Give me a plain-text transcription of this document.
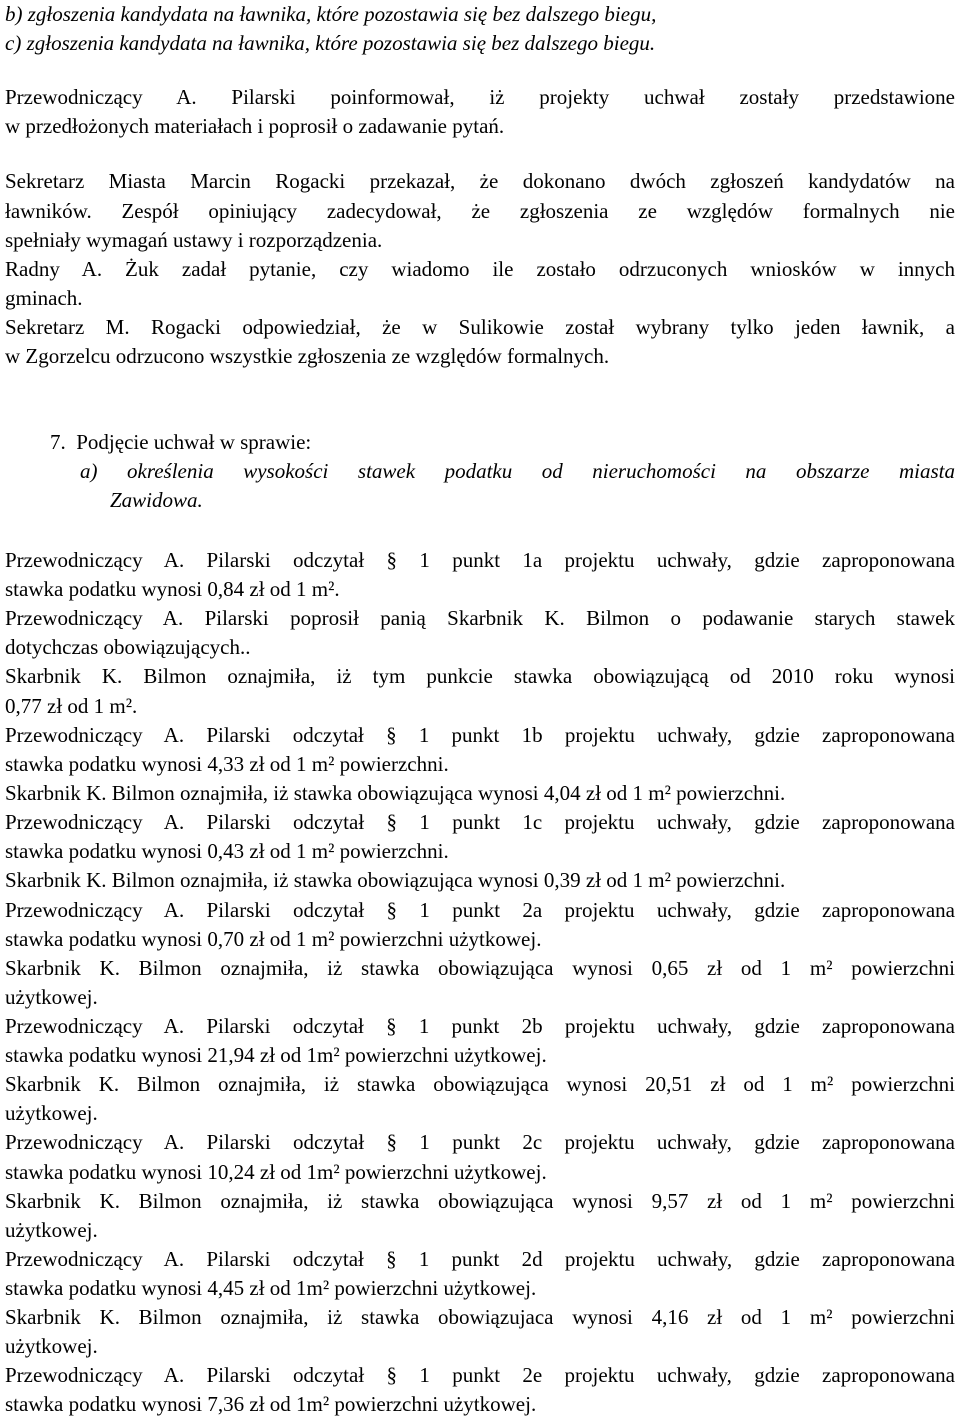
b) zgłoszenia kandydata na ławnika, które pozostawia się bez dalszego biegu,
c) zgłoszenia kandydata na ławnika, które pozostawia się bez dalszego biegu.
Przewodniczący A. Pilarski poinformował, iż projekty uchwał zostały przedstawione
w przedłożonych materiałach i poprosił o zadawanie pytań.
Sekretarz Miasta Marcin Rogacki przekazał, że dokonano dwóch zgłoszeń kandydatów na
ławników. Zespół opiniujący zadecydował, że zgłoszenia ze względów formalnych nie
spełniały wymagań ustawy i rozporządzenia.
Radny A. Żuk zadał pytanie, czy wiadomo ile zostało odrzuconych wniosków w innych
gminach.
Sekretarz M. Rogacki odpowiedział, że w Sulikowie został wybrany tylko jeden ławnik, a
w Zgorzelcu odrzucono wszystkie zgłoszenia ze względów formalnych.
7.  Podjęcie uchwał w sprawie:
a) określenia wysokości stawek podatku od nieruchomości na obszarze miasta
Zawidowa.
Przewodniczący A. Pilarski odczytał § 1 punkt 1a projektu uchwały, gdzie zaproponowana
stawka podatku wynosi 0,84 zł od 1 m².
Przewodniczący A. Pilarski poprosił panią Skarbnik K. Bilmon o podawanie starych stawek
dotychczas obowiązujących..
Skarbnik K. Bilmon oznajmiła, iż tym punkcie stawka obowiązującą od 2010 roku wynosi
0,77 zł od 1 m².
Przewodniczący A. Pilarski odczytał § 1 punkt 1b projektu uchwały, gdzie zaproponowana
stawka podatku wynosi 4,33 zł od 1 m² powierzchni.
Skarbnik K. Bilmon oznajmiła, iż stawka obowiązująca wynosi 4,04 zł od 1 m² powierzchni.
Przewodniczący A. Pilarski odczytał § 1 punkt 1c projektu uchwały, gdzie zaproponowana
stawka podatku wynosi 0,43 zł od 1 m² powierzchni.
Skarbnik K. Bilmon oznajmiła, iż stawka obowiązująca wynosi 0,39 zł od 1 m² powierzchni.
Przewodniczący A. Pilarski odczytał § 1 punkt 2a projektu uchwały, gdzie zaproponowana
stawka podatku wynosi 0,70 zł od 1 m² powierzchni użytkowej.
Skarbnik K. Bilmon oznajmiła, iż stawka obowiązująca wynosi 0,65 zł od 1 m² powierzchni
użytkowej.
Przewodniczący A. Pilarski odczytał § 1 punkt 2b projektu uchwały, gdzie zaproponowana
stawka podatku wynosi 21,94 zł od 1m² powierzchni użytkowej.
Skarbnik K. Bilmon oznajmiła, iż stawka obowiązująca wynosi 20,51 zł od 1 m² powierzchni
użytkowej.
Przewodniczący A. Pilarski odczytał § 1 punkt 2c projektu uchwały, gdzie zaproponowana
stawka podatku wynosi 10,24 zł od 1m² powierzchni użytkowej.
Skarbnik K. Bilmon oznajmiła, iż stawka obowiązująca wynosi 9,57 zł od 1 m² powierzchni
użytkowej.
Przewodniczący A. Pilarski odczytał § 1 punkt 2d projektu uchwały, gdzie zaproponowana
stawka podatku wynosi 4,45 zł od 1m² powierzchni użytkowej.
Skarbnik K. Bilmon oznajmiła, iż stawka obowiązujaca wynosi 4,16 zł od 1 m² powierzchni
użytkowej.
Przewodniczący A. Pilarski odczytał § 1 punkt 2e projektu uchwały, gdzie zaproponowana
stawka podatku wynosi 7,36 zł od 1m² powierzchni użytkowej.
